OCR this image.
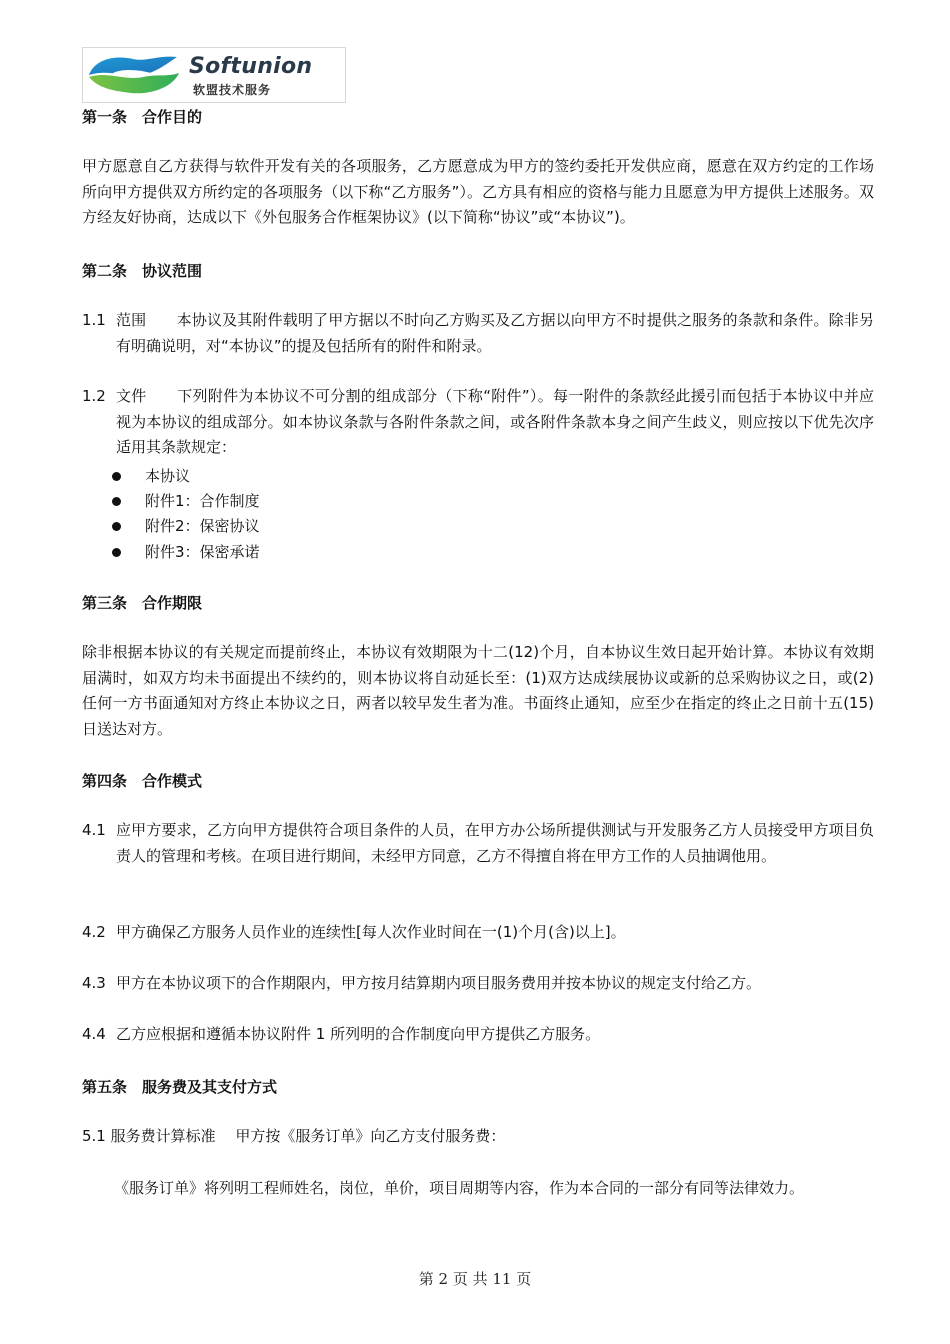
Softunion
软盟技术服务
第一条　合作目的
甲方愿意自乙方获得与软件开发有关的各项服务，乙方愿意成为甲方的签约委托开发供应商，愿意在双方约定的工作场所向甲方提供双方所约定的各项服务（以下称“乙方服务”）。乙方具有相应的资格与能力且愿意为甲方提供上述服务。双方经友好协商，达成以下《外包服务合作框架协议》(以下简称“协议”或“本协议”)。
第二条　协议范围
1.1 范围　　 本协议及其附件载明了甲方据以不时向乙方购买及乙方据以向甲方不时提供之服务的条款和条件。除非另有明确说明，对“本协议”的提及包括所有的附件和附录。
1.2 文件　　 下列附件为本协议不可分割的组成部分（下称“附件”）。每一附件的条款经此援引而包括于本协议中并应视为本协议的组成部分。如本协议条款与各附件条款之间，或各附件条款本身之间产生歧义，则应按以下优先次序适用其条款规定：
本协议
附件1：合作制度
附件2：保密协议
附件3：保密承诺
第三条　合作期限
除非根据本协议的有关规定而提前终止，本协议有效期限为十二(12)个月，自本协议生效日起开始计算。本协议有效期届满时，如双方均未书面提出不续约的，则本协议将自动延长至：(1)双方达成续展协议或新的总采购协议之日，或(2)任何一方书面通知对方终止本协议之日，两者以较早发生者为准。书面终止通知，应至少在指定的终止之日前十五(15)日送达对方。
第四条　合作模式
4.1 应甲方要求，乙方向甲方提供符合项目条件的人员，在甲方办公场所提供测试与开发服务乙方人员接受甲方项目负责人的管理和考核。在项目进行期间，未经甲方同意，乙方不得擅自将在甲方工作的人员抽调他用。
4.2 甲方确保乙方服务人员作业的连续性[每人次作业时间在一(1)个月(含)以上]。
4.3 甲方在本协议项下的合作期限内，甲方按月结算期内项目服务费用并按本协议的规定支付给乙方。
4.4 乙方应根据和遵循本协议附件 1 所列明的合作制度向甲方提供乙方服务。
第五条　服务费及其支付方式
5.1 服务费计算标准　 甲方按《服务订单》向乙方支付服务费：
《服务订单》将列明工程师姓名，岗位，单价，项目周期等内容，作为本合同的一部分有同等法律效力。
第 2 页 共 11 页
